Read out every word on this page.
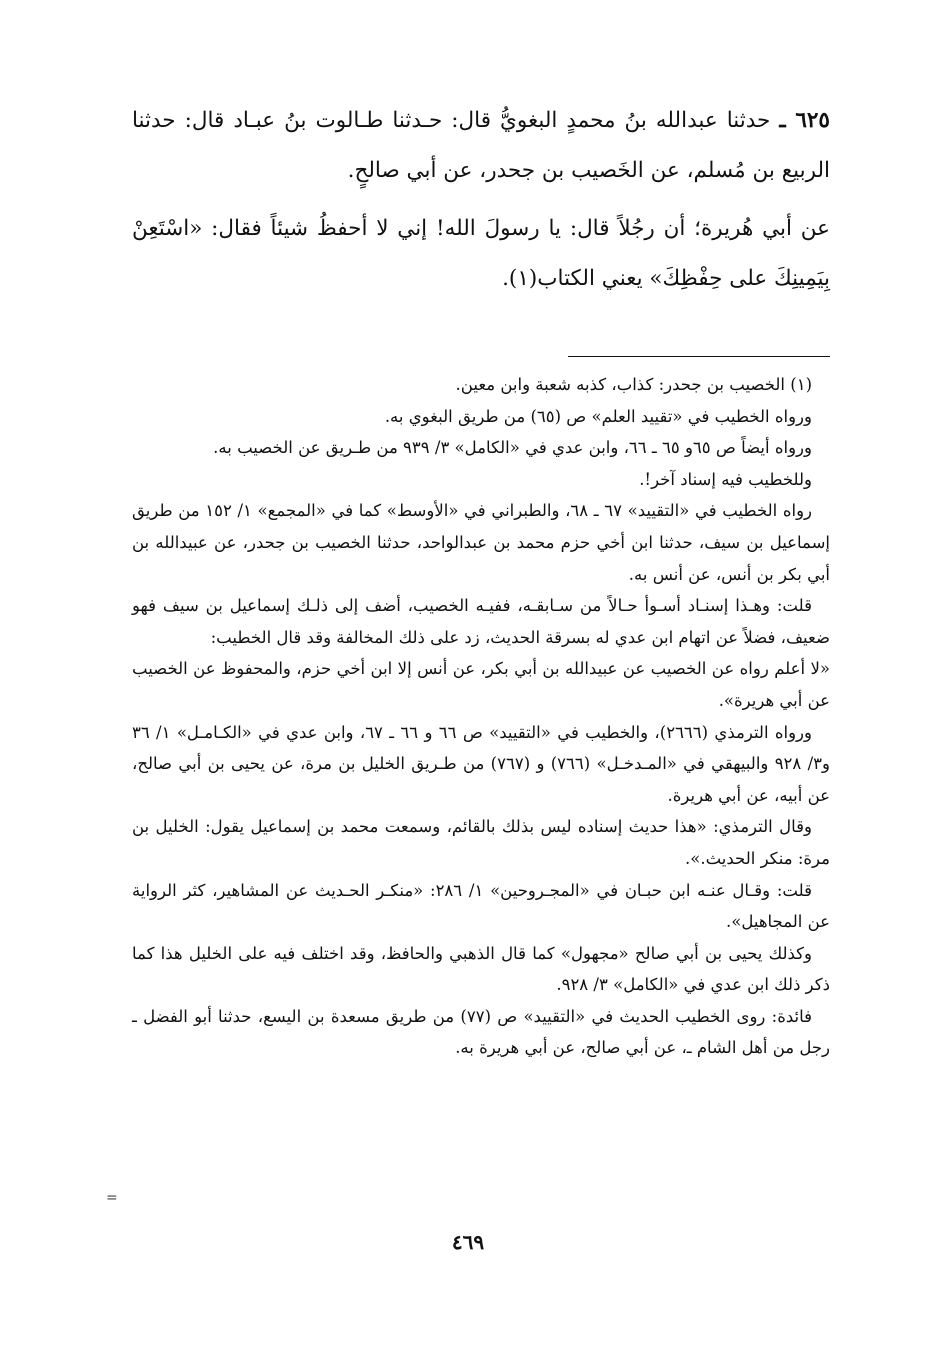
٦٢٥ ـ حدثنا عبدالله بنُ محمدٍ البغويُّ قال: حـدثنا طـالوت بنُ عبـاد قال: حدثنا الربيع بن مُسلم، عن الخَصيب بن جحدر، عن أبي صالحٍ.

عن أبي هُريرة؛ أن رجُلاً قال: يا رسولَ الله! إني لا أحفظُ شيئاً فقال: «اسْتَعِنْ بِيَمِينِكَ على حِفْظِكَ» يعني الكتاب(١).

(١) الخصيب بن جحدر: كذاب، كذبه شعبة وابن معين.

ورواه الخطيب في «تقييد العلم» ص (٦٥) من طريق البغوي به.

ورواه أيضاً ص ٦٥و ٦٥ ـ ٦٦، وابن عدي في «الكامل» ٣/ ٩٣٩ من طـريق عن الخصيب به.

وللخطيب فيه إسناد آخر!.

رواه الخطيب في «التقييد» ٦٧ ـ ٦٨، والطبراني في «الأوسط» كما في «المجمع» ١/ ١٥٢ من طريق إسماعيل بن سيف، حدثنا ابن أخي حزم محمد بن عبدالواحد، حدثنا الخصيب بن جحدر، عن عبيدالله بن أبي بكر بن أنس، عن أنس به.

قلت: وهـذا إسنـاد أسـوأ حـالاً من سـابقـه، ففيـه الخصيب، أضف إلى ذلـك إسماعيل بن سيف فهو ضعيف، فضلاً عن اتهام ابن عدي له بسرقة الحديث، زد على ذلك المخالفة وقد قال الخطيب:

«لا أعلم رواه عن الخصيب عن عبيدالله بن أبي بكر، عن أنس إلا ابن أخي حزم، والمحفوظ عن الخصيب عن أبي هريرة».

ورواه الترمذي (٢٦٦٦)، والخطيب في «التقييد» ص ٦٦ و ٦٦ ـ ٦٧، وابن عدي في «الكـامـل» ١/ ٣٦ و٣/ ٩٢٨ والبيهقي في «المـدخـل» (٧٦٦) و (٧٦٧) من طـريق الخليل بن مرة، عن يحيى بن أبي صالح، عن أبيه، عن أبي هريرة.

وقال الترمذي: «هذا حديث إسناده ليس بذلك بالقائم، وسمعت محمد بن إسماعيل يقول: الخليل بن مرة: منكر الحديث.».

قلت: وقـال عنـه ابن حبـان في «المجـروحين» ١/ ٢٨٦: «منكـر الحـديث عن المشاهير، كثر الرواية عن المجاهيل».

وكذلك يحيى بن أبي صالح «مجهول» كما قال الذهبي والحافظ، وقد اختلف فيه على الخليل هذا كما ذكر ذلك ابن عدي في «الكامل» ٣/ ٩٢٨.

فائدة: روى الخطيب الحديث في «التقييد» ص (٧٧) من طريق مسعدة بن اليسع، حدثنا أبو الفضل ـ رجل من أهل الشام ـ، عن أبي صالح، عن أبي هريرة به.

=
٤٦٩
